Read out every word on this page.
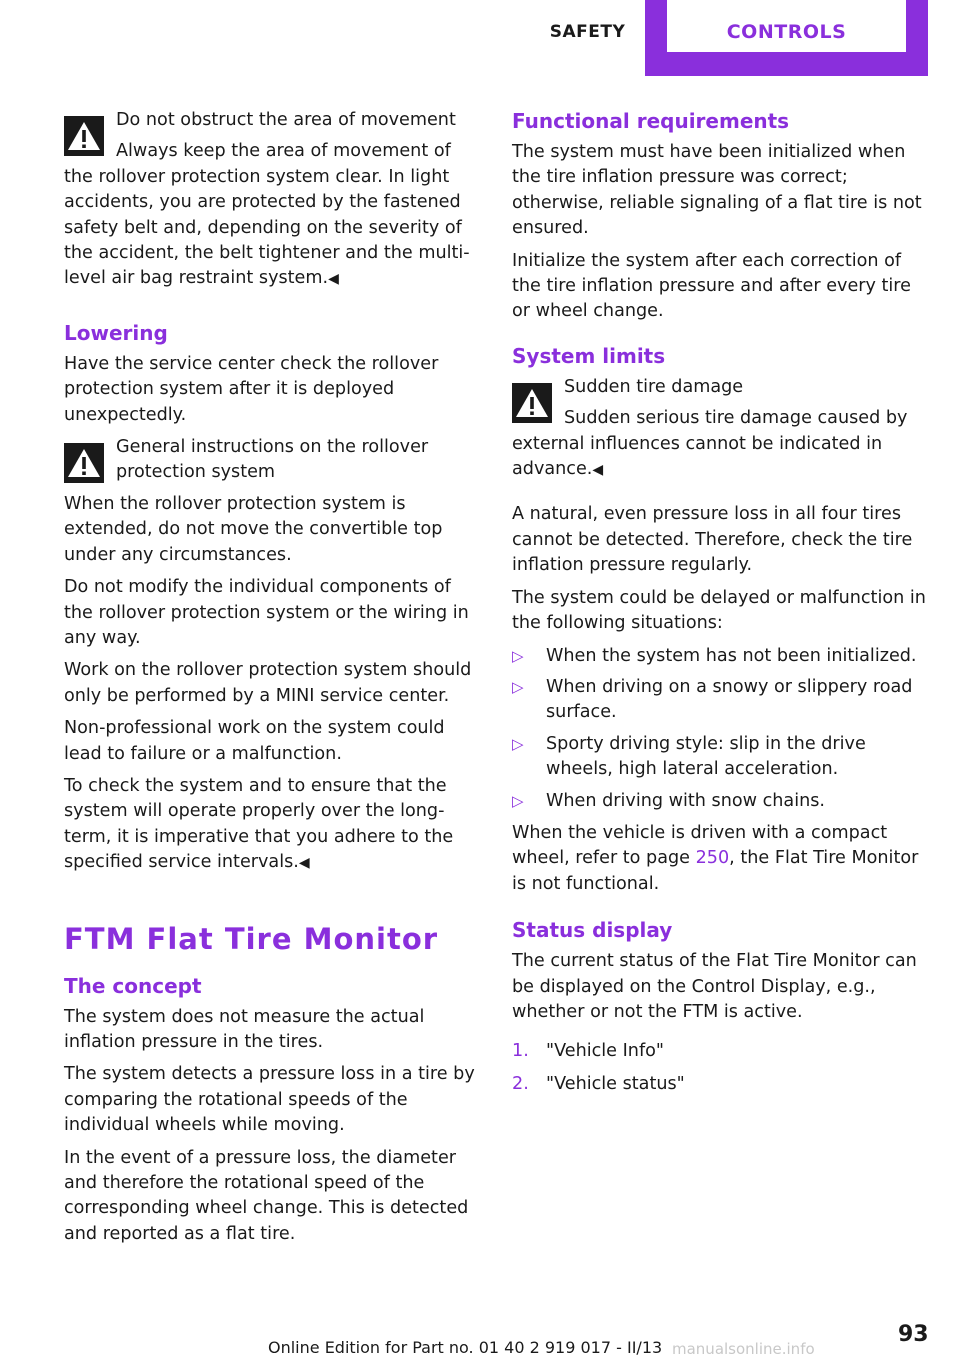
SAFETY	CONTROLS

Do not obstruct the area of movement

Always keep the area of movement of the rollover protection system clear. In light accidents, you are protected by the fastened safety belt and, depending on the severity of the accident, the belt tightener and the multi-level air bag restraint system.◀

Lowering

Have the service center check the rollover protection system after it is deployed unexpectedly.

General instructions on the rollover protection system

When the rollover protection system is extended, do not move the convertible top under any circumstances.

Do not modify the individual components of the rollover protection system or the wiring in any way.

Work on the rollover protection system should only be performed by a MINI service center.

Non-professional work on the system could lead to failure or a malfunction.

To check the system and to ensure that the system will operate properly over the long-term, it is imperative that you adhere to the specified service intervals.◀

FTM Flat Tire Monitor
The concept

The system does not measure the actual inflation pressure in the tires.

The system detects a pressure loss in a tire by comparing the rotational speeds of the individual wheels while moving.

In the event of a pressure loss, the diameter and therefore the rotational speed of the corresponding wheel change. This is detected and reported as a flat tire.

Functional requirements

The system must have been initialized when the tire inflation pressure was correct; otherwise, reliable signaling of a flat tire is not ensured.

Initialize the system after each correction of the tire inflation pressure and after every tire or wheel change.

System limits

Sudden tire damage

Sudden serious tire damage caused by external influences cannot be indicated in advance.◀

A natural, even pressure loss in all four tires cannot be detected. Therefore, check the tire inflation pressure regularly.

The system could be delayed or malfunction in the following situations:

▷ When the system has not been initialized.
▷ When driving on a snowy or slippery road surface.
▷ Sporty driving style: slip in the drive wheels, high lateral acceleration.
▷ When driving with snow chains.

When the vehicle is driven with a compact wheel, refer to page 250, the Flat Tire Monitor is not functional.

Status display

The current status of the Flat Tire Monitor can be displayed on the Control Display, e.g., whether or not the FTM is active.

1. "Vehicle Info"
2. "Vehicle status"
93
Online Edition for Part no. 01 40 2 919 017 - II/13 manualsonline.info
